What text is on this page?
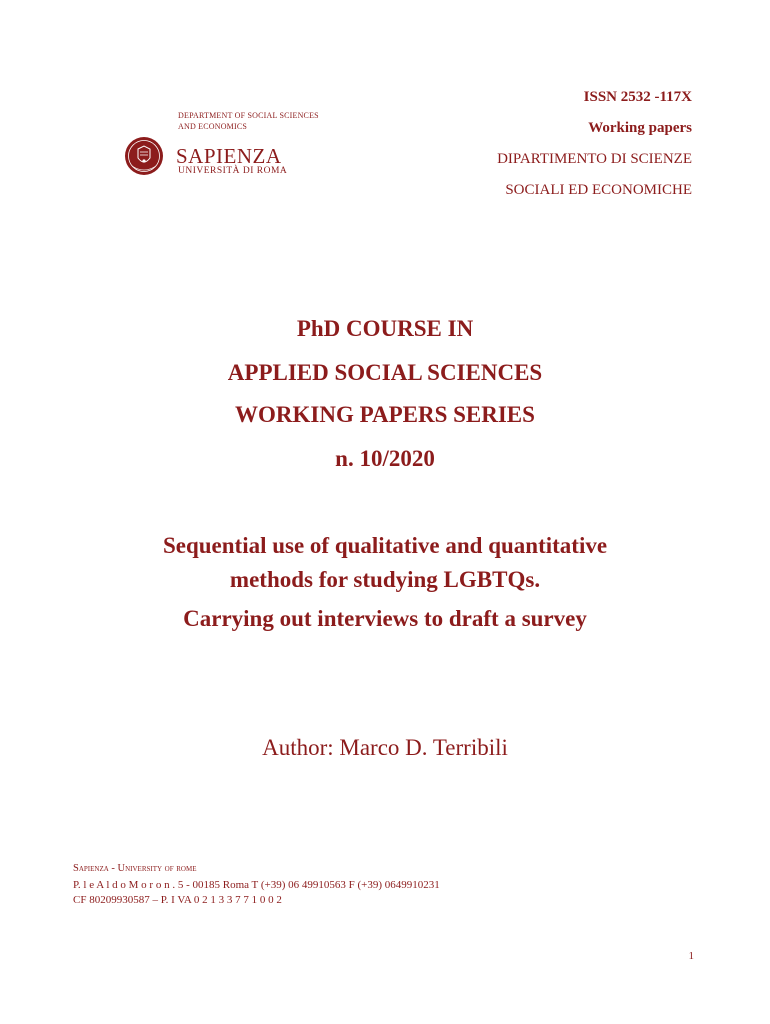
DEPARTMENT OF SOCIAL SCIENCES
AND ECONOMICS
SAPIENZA
UNIVERSITÀ DI ROMA
ISSN 2532 -117X
Working papers
DIPARTIMENTO DI SCIENZE
SOCIALI ED ECONOMICHE
PhD COURSE IN
APPLIED SOCIAL SCIENCES
WORKING PAPERS SERIES
n. 10/2020
Sequential use of qualitative and quantitative
methods for studying LGBTQs.
Carrying out interviews to draft a survey
Author: Marco D. Terribili
Sapienza - University of rome
P. l e A l d o M o r o n . 5 - 00185 Roma T (+39) 06 49910563 F (+39) 0649910231
CF 80209930587 – P. I VA 0 2 1 3 3 7 7 1 0 0 2
1
